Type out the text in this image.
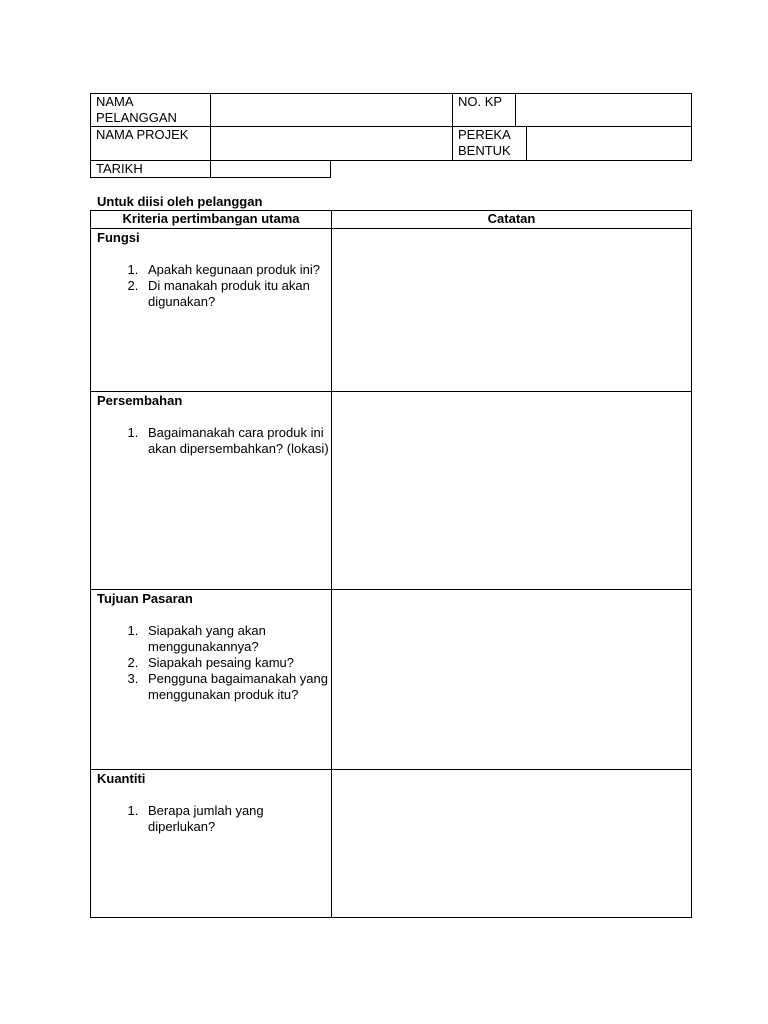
NAMA PELANGGAN
NO. KP
NAMA PROJEK	PEREKA BENTUK
TARIKH
Untuk diisi oleh pelanggan
Kriteria pertimbangan utama	Catatan
Fungsi
1. Apakah kegunaan produk ini?
2. Di manakah produk itu akan digunakan?
Persembahan
1. Bagaimanakah cara produk ini akan dipersembahkan? (lokasi)
Tujuan Pasaran
1. Siapakah yang akan menggunakannya?
2. Siapakah pesaing kamu?
3. Pengguna bagaimanakah yang menggunakan produk itu?
Kuantiti
1. Berapa jumlah yang diperlukan?
